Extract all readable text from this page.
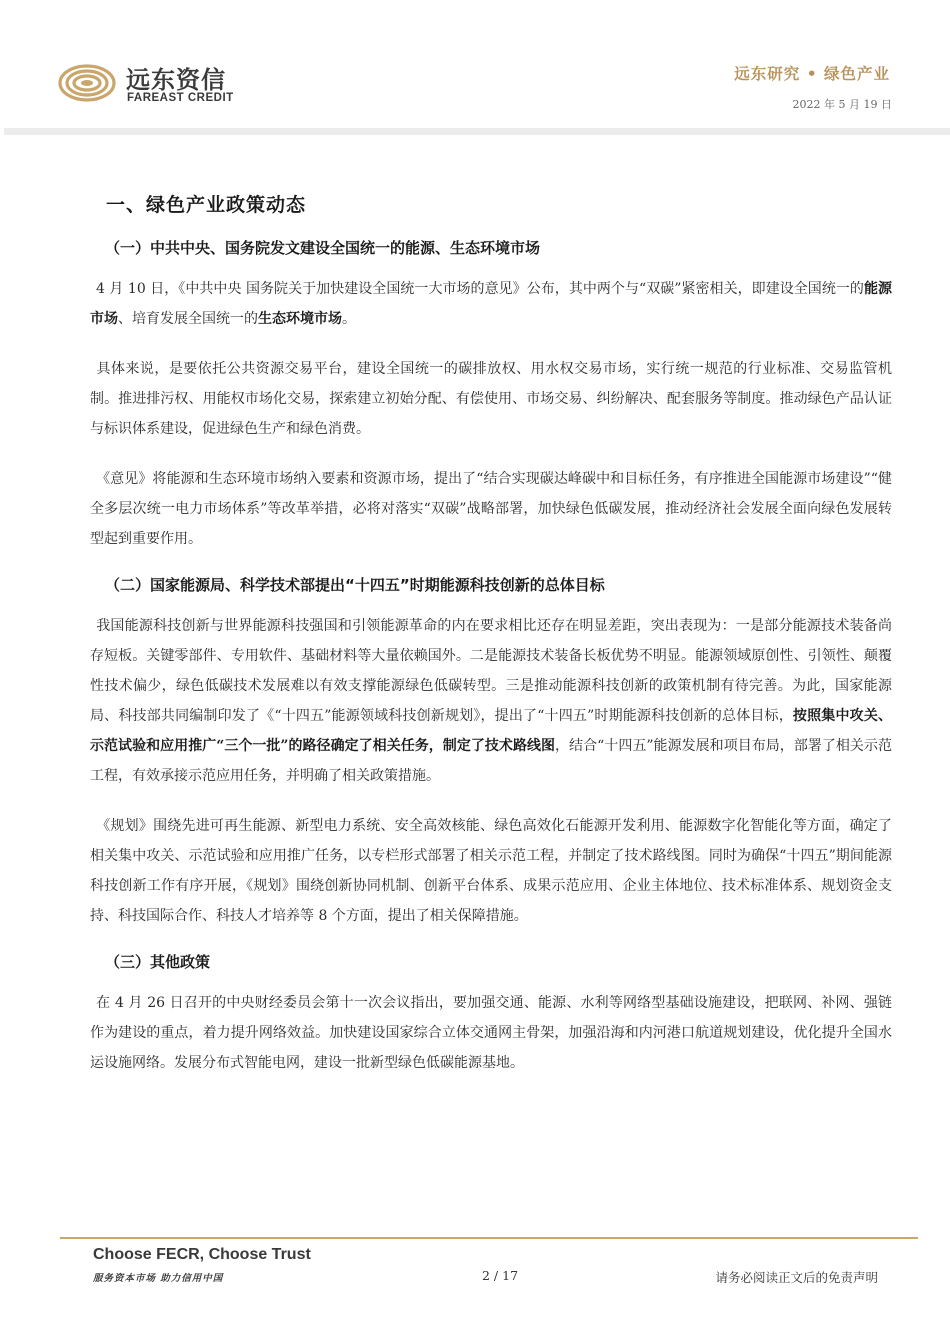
远东资信
FAREAST CREDIT
远东研究 • 绿色产业
2022 年 5 月 19 日
一、绿色产业政策动态
（一）中共中央、国务院发文建设全国统一的能源、生态环境市场

4 月 10 日，《中共中央 国务院关于加快建设全国统一大市场的意见》公布，其中两个与“双碳”紧密相关，即建设全国统一的能源市场、培育发展全国统一的生态环境市场。

具体来说，是要依托公共资源交易平台，建设全国统一的碳排放权、用水权交易市场，实行统一规范的行业标准、交易监管机制。推进排污权、用能权市场化交易，探索建立初始分配、有偿使用、市场交易、纠纷解决、配套服务等制度。推动绿色产品认证与标识体系建设，促进绿色生产和绿色消费。

《意见》将能源和生态环境市场纳入要素和资源市场，提出了“结合实现碳达峰碳中和目标任务，有序推进全国能源市场建设”“健全多层次统一电力市场体系”等改革举措，必将对落实“双碳”战略部署，加快绿色低碳发展，推动经济社会发展全面向绿色发展转型起到重要作用。

（二）国家能源局、科学技术部提出“十四五”时期能源科技创新的总体目标

我国能源科技创新与世界能源科技强国和引领能源革命的内在要求相比还存在明显差距，突出表现为：一是部分能源技术装备尚存短板。关键零部件、专用软件、基础材料等大量依赖国外。二是能源技术装备长板优势不明显。能源领域原创性、引领性、颠覆性技术偏少，绿色低碳技术发展难以有效支撑能源绿色低碳转型。三是推动能源科技创新的政策机制有待完善。为此，国家能源局、科技部共同编制印发了《“十四五”能源领域科技创新规划》，提出了“十四五”时期能源科技创新的总体目标，按照集中攻关、示范试验和应用推广“三个一批”的路径确定了相关任务，制定了技术路线图，结合“十四五”能源发展和项目布局，部署了相关示范工程，有效承接示范应用任务，并明确了相关政策措施。

《规划》围绕先进可再生能源、新型电力系统、安全高效核能、绿色高效化石能源开发利用、能源数字化智能化等方面，确定了相关集中攻关、示范试验和应用推广任务，以专栏形式部署了相关示范工程，并制定了技术路线图。同时为确保“十四五”期间能源科技创新工作有序开展，《规划》围绕创新协同机制、创新平台体系、成果示范应用、企业主体地位、技术标准体系、规划资金支持、科技国际合作、科技人才培养等 8 个方面，提出了相关保障措施。

（三）其他政策

在 4 月 26 日召开的中央财经委员会第十一次会议指出，要加强交通、能源、水利等网络型基础设施建设，把联网、补网、强链作为建设的重点，着力提升网络效益。加快建设国家综合立体交通网主骨架，加强沿海和内河港口航道规划建设，优化提升全国水运设施网络。发展分布式智能电网，建设一批新型绿色低碳能源基地。

Choose FECR, Choose Trust
服务资本市场 助力信用中国	2 / 17	请务必阅读正文后的免责声明
